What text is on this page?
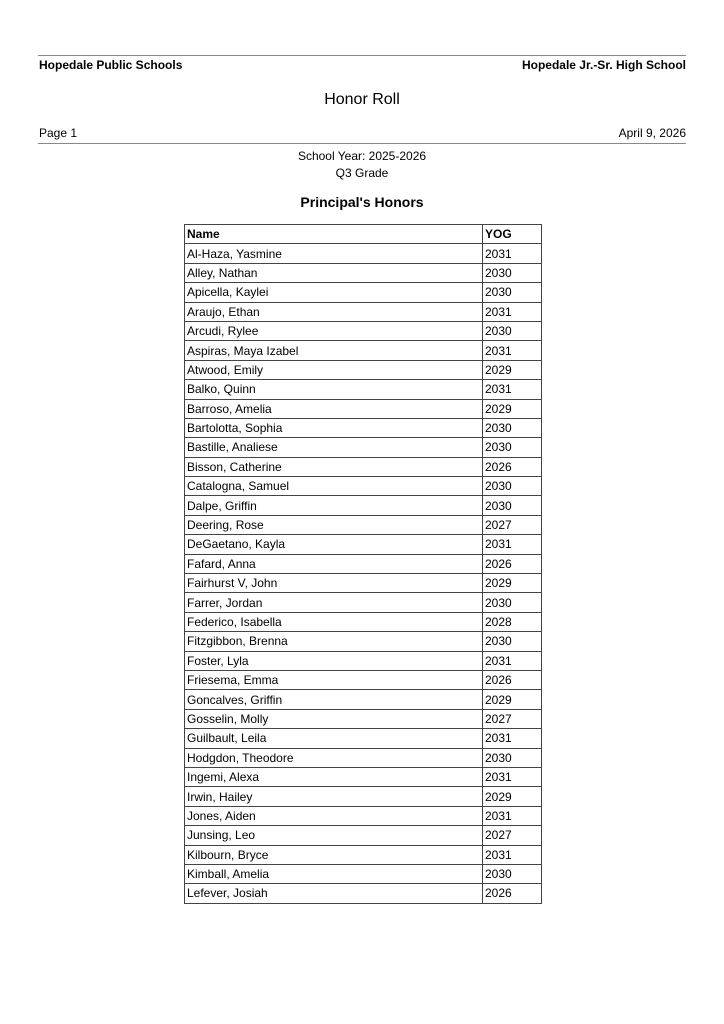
Hopedale Public Schools	Hopedale Jr.-Sr. High School
Honor Roll
Page 1	April 9, 2026
School Year: 2025-2026
Q3 Grade
Principal's Honors
Name	YOG
Al-Haza, Yasmine	2031
Alley, Nathan	2030
Apicella, Kaylei	2030
Araujo, Ethan	2031
Arcudi, Rylee	2030
Aspiras, Maya Izabel	2031
Atwood, Emily	2029
Balko, Quinn	2031
Barroso, Amelia	2029
Bartolotta, Sophia	2030
Bastille, Analiese	2030
Bisson, Catherine	2026
Catalogna, Samuel	2030
Dalpe, Griffin	2030
Deering, Rose	2027
DeGaetano, Kayla	2031
Fafard, Anna	2026
Fairhurst V, John	2029
Farrer, Jordan	2030
Federico, Isabella	2028
Fitzgibbon, Brenna	2030
Foster, Lyla	2031
Friesema, Emma	2026
Goncalves, Griffin	2029
Gosselin, Molly	2027
Guilbault, Leila	2031
Hodgdon, Theodore	2030
Ingemi, Alexa	2031
Irwin, Hailey	2029
Jones, Aiden	2031
Junsing, Leo	2027
Kilbourn, Bryce	2031
Kimball, Amelia	2030
Lefever, Josiah	2026
